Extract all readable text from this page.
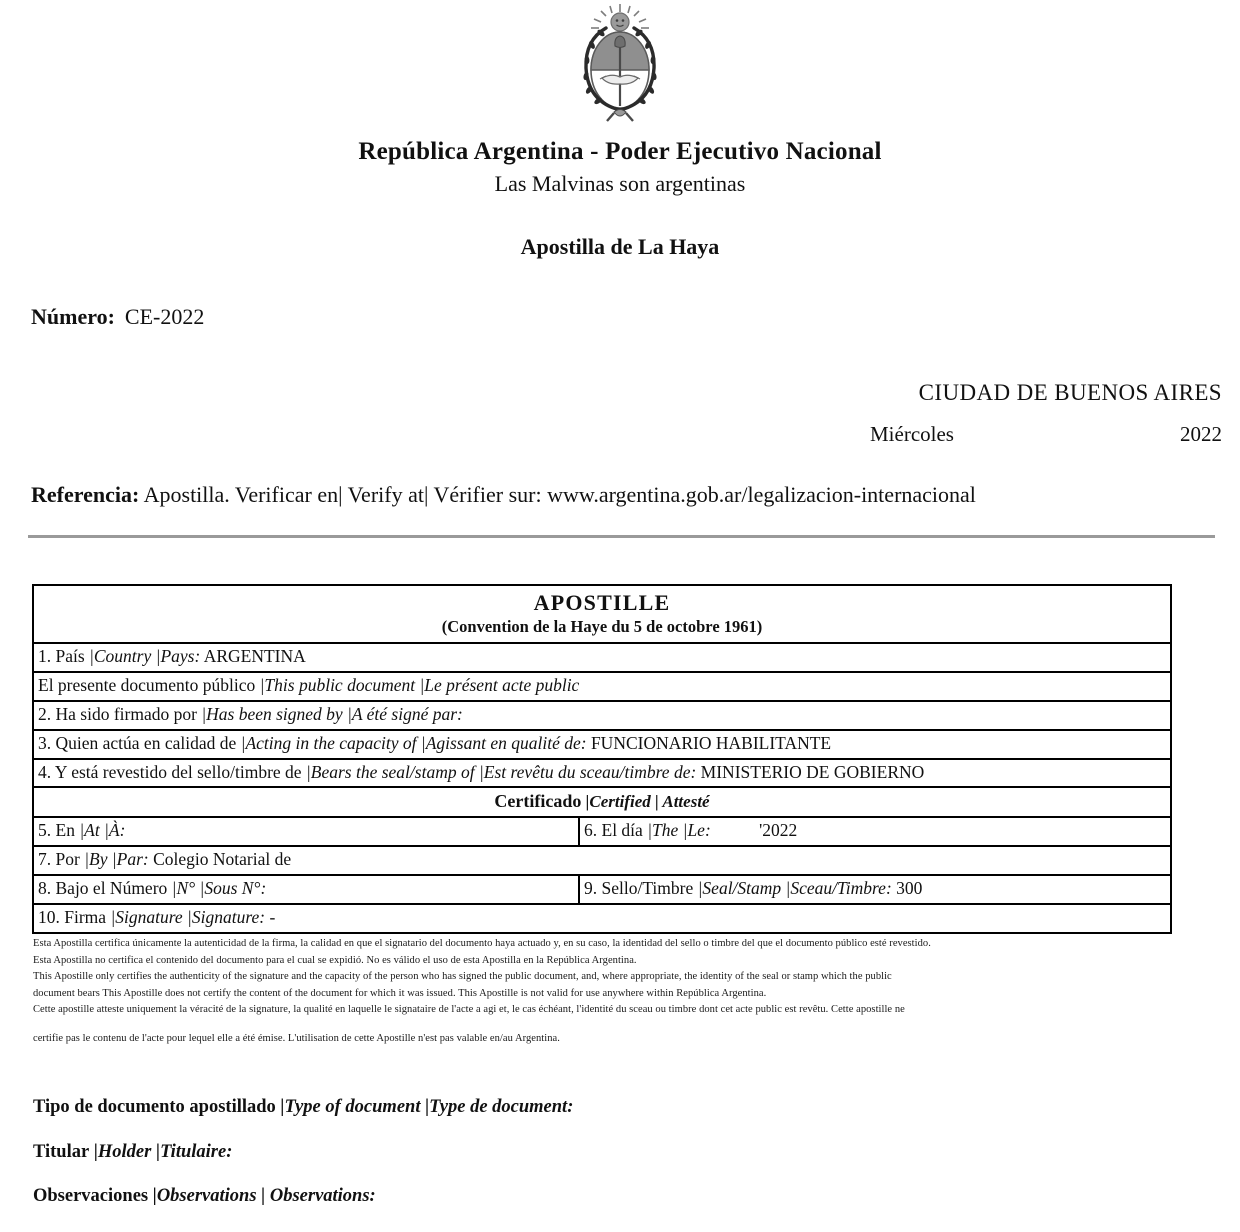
República Argentina - Poder Ejecutivo Nacional
Las Malvinas son argentinas
Apostilla de La Haya
Número: CE-2022
CIUDAD DE BUENOS AIRES
Miércoles	2022
Referencia: Apostilla. Verificar en| Verify at| Vérifier sur: www.argentina.gob.ar/legalizacion-internacional
APOSTILLE
(Convention de la Haye du 5 de octobre 1961)
1. País |Country |Pays: ARGENTINA
El presente documento público |This public document |Le présent acte public
2. Ha sido firmado por |Has been signed by |A été signé par:
3. Quien actúa en calidad de |Acting in the capacity of |Agissant en qualité de: FUNCIONARIO HABILITANTE
4. Y está revestido del sello/timbre de |Bears the seal/stamp of |Est revêtu du sceau/timbre de: MINISTERIO DE GOBIERNO
Certificado |Certified | Attesté
5. En |At |À:	6. El día |The |Le:	'2022
7. Por |By |Par: Colegio Notarial de
8. Bajo el Número |N° |Sous N°:	9. Sello/Timbre |Seal/Stamp |Sceau/Timbre: 300
10. Firma |Signature |Signature: -

Esta Apostilla certifica únicamente la autenticidad de la firma, la calidad en que el signatario del documento haya actuado y, en su caso, la identidad del sello o timbre del que el documento público esté revestido.

Esta Apostilla no certifica el contenido del documento para el cual se expidió. No es válido el uso de esta Apostilla en la República Argentina.

This Apostille only certifies the authenticity of the signature and the capacity of the person who has signed the public document, and, where appropriate, the identity of the seal or stamp which the public

document bears This Apostille does not certify the content of the document for which it was issued. This Apostille is not valid for use anywhere within República Argentina.

Cette apostille atteste uniquement la véracité de la signature, la qualité en laquelle le signataire de l'acte a agi et, le cas échéant, l'identité du sceau ou timbre dont cet acte public est revêtu. Cette apostille ne

certifie pas le contenu de l'acte pour lequel elle a été émise. L'utilisation de cette Apostille n'est pas valable en/au Argentina.

Tipo de documento apostillado |Type of document |Type de document:
Titular |Holder |Titulaire:
Observaciones |Observations | Observations:
